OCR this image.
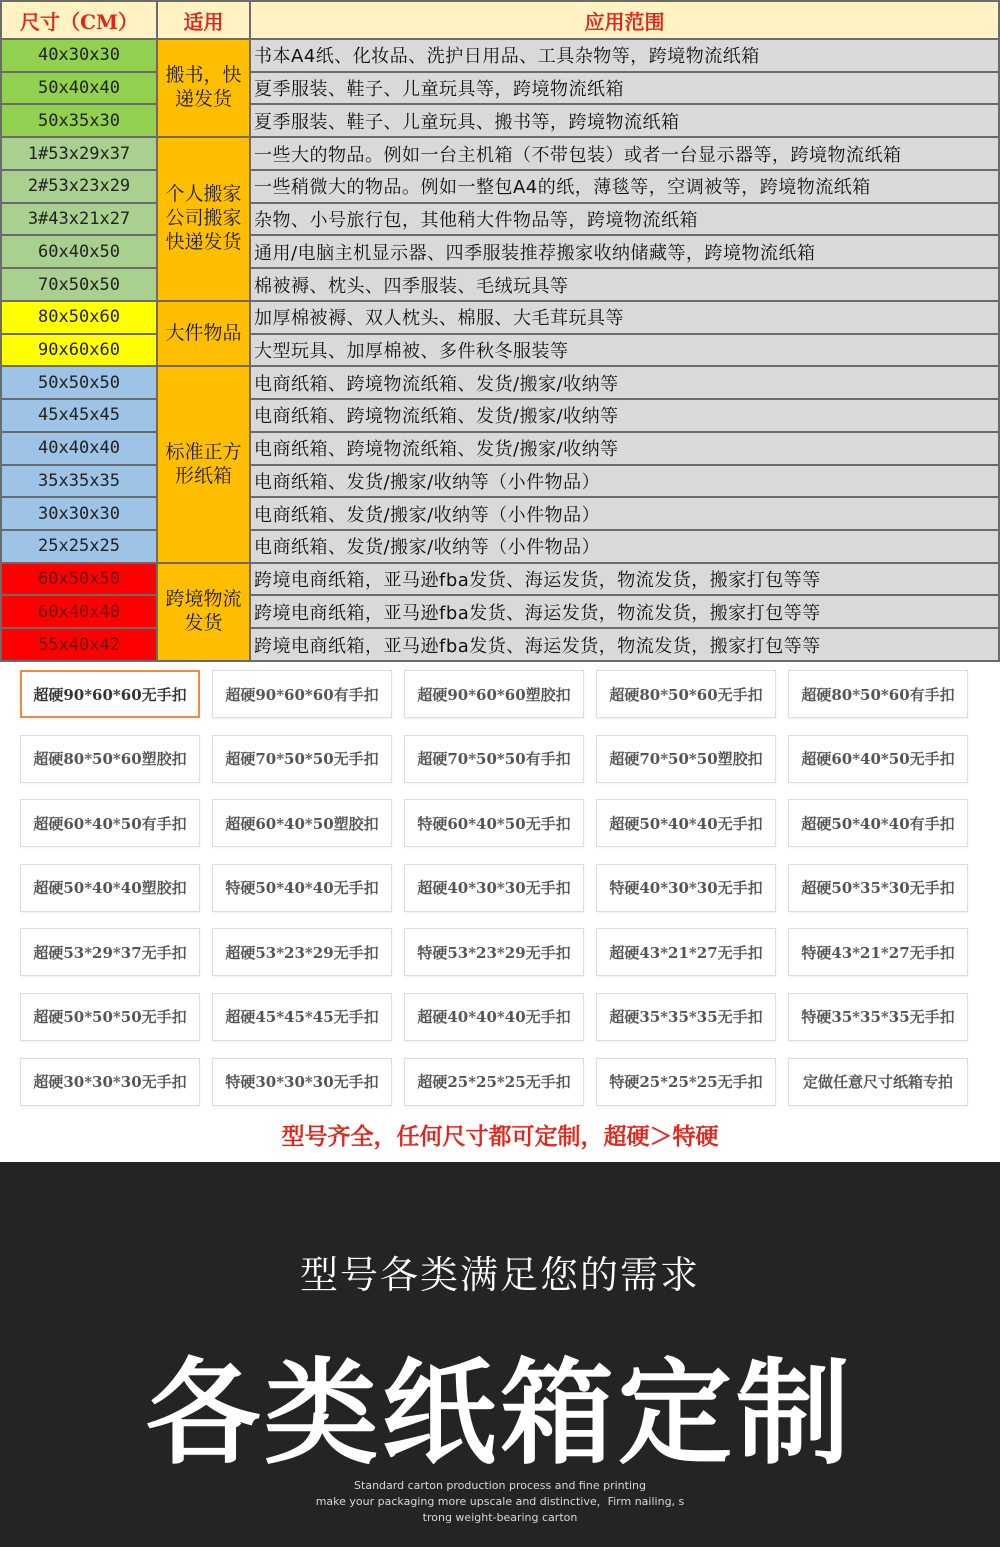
尺寸（CM）	适用	应用范围
40x30x30	搬书，快递发货	书本A4纸、化妆品、洗护日用品、工具杂物等，跨境物流纸箱
50x40x40		夏季服装、鞋子、儿童玩具等，跨境物流纸箱
50x35x30		夏季服装、鞋子、儿童玩具、搬书等，跨境物流纸箱
1#53x29x37	个人搬家公司搬家快递发货	一些大的物品。例如一台主机箱（不带包装）或者一台显示器等，跨境物流纸箱
2#53x23x29		一些稍微大的物品。例如一整包A4的纸，薄毯等，空调被等，跨境物流纸箱
3#43x21x27		杂物、小号旅行包，其他稍大件物品等，跨境物流纸箱
60x40x50		通用/电脑主机显示器、四季服装推荐搬家收纳储藏等，跨境物流纸箱
70x50x50		棉被褥、枕头、四季服装、毛绒玩具等
80x50x60	大件物品	加厚棉被褥、双人枕头、棉服、大毛茸玩具等
90x60x60		大型玩具、加厚棉被、多件秋冬服装等
50x50x50	标准正方形纸箱	电商纸箱、跨境物流纸箱、发货/搬家/收纳等
45x45x45		电商纸箱、跨境物流纸箱、发货/搬家/收纳等
40x40x40		电商纸箱、跨境物流纸箱、发货/搬家/收纳等
35x35x35		电商纸箱、发货/搬家/收纳等（小件物品）
30x30x30		电商纸箱、发货/搬家/收纳等（小件物品）
25x25x25		电商纸箱、发货/搬家/收纳等（小件物品）
60x50x50	跨境物流发货	跨境电商纸箱，亚马逊fba发货、海运发货，物流发货，搬家打包等等
60x40x40		跨境电商纸箱，亚马逊fba发货、海运发货，物流发货，搬家打包等等
55x40x42		跨境电商纸箱，亚马逊fba发货、海运发货，物流发货，搬家打包等等
超硬90*60*60无手扣	超硬90*60*60有手扣	超硬90*60*60塑胶扣	超硬80*50*60无手扣	超硬80*50*60有手扣
超硬80*50*60塑胶扣	超硬70*50*50无手扣	超硬70*50*50有手扣	超硬70*50*50塑胶扣	超硬60*40*50无手扣
超硬60*40*50有手扣	超硬60*40*50塑胶扣	特硬60*40*50无手扣	超硬50*40*40无手扣	超硬50*40*40有手扣
超硬50*40*40塑胶扣	特硬50*40*40无手扣	超硬40*30*30无手扣	特硬40*30*30无手扣	超硬50*35*30无手扣
超硬53*29*37无手扣	超硬53*23*29无手扣	特硬53*23*29无手扣	超硬43*21*27无手扣	特硬43*21*27无手扣
超硬50*50*50无手扣	超硬45*45*45无手扣	超硬40*40*40无手扣	超硬35*35*35无手扣	特硬35*35*35无手扣
超硬30*30*30无手扣	特硬30*30*30无手扣	超硬25*25*25无手扣	特硬25*25*25无手扣	定做任意尺寸纸箱专拍
型号齐全，任何尺寸都可定制，超硬＞特硬
型号各类满足您的需求
各类纸箱定制
Standard carton production process and fine printing
make your packaging more upscale and distinctive，Firm nailing, s
trong weight-bearing carton
